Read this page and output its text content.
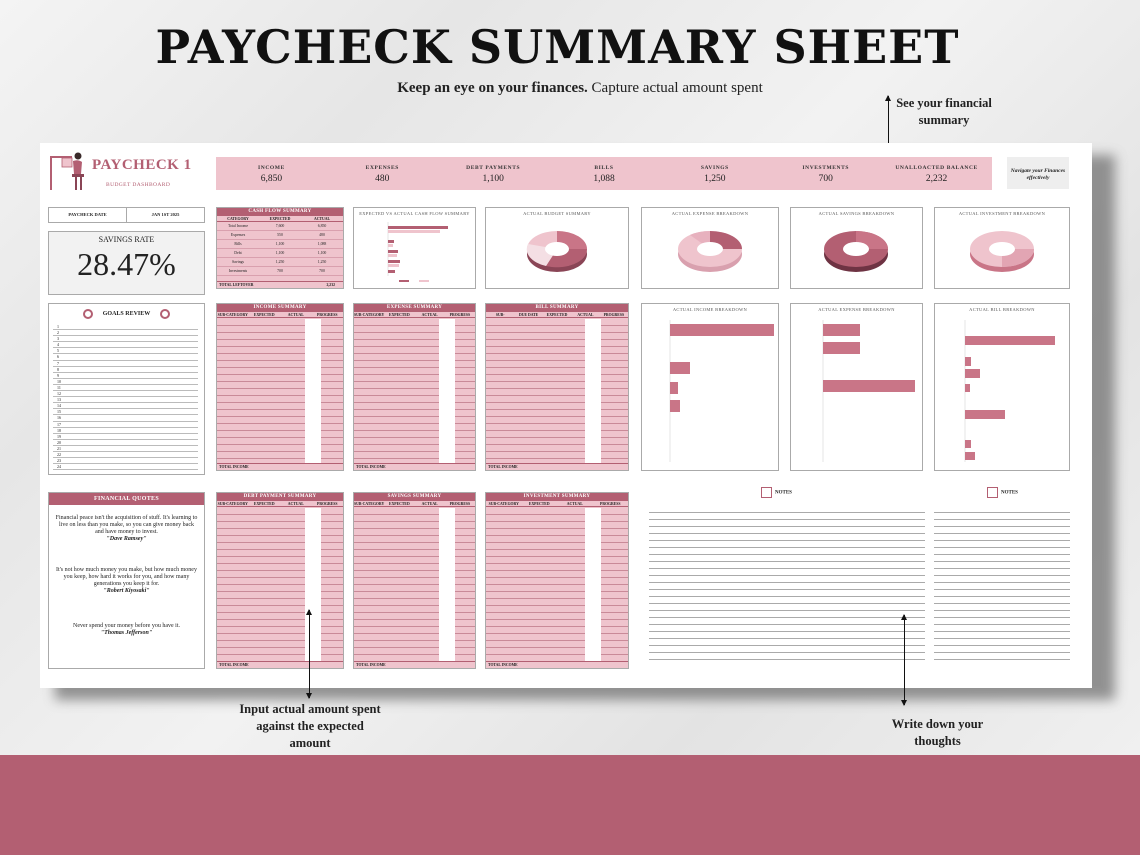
PAYCHECK SUMMARY SHEET
Keep an eye on your finances. Capture actual amount spent
See your financial summary
PAYCHECK 1
BUDGET DASHBOARD
INCOME
6,850
EXPENSES
480
DEBT PAYMENTS
1,100
BILLS
1,088
SAVINGS
1,250
INVESTMENTS
700
UNALLOACTED BALANCE
2,232
Navigate your Finances effectively
PAYCHECK DATE	JAN 1ST 2025
SAVINGS RATE
28.47%
CASH FLOW SUMMARY
CATEGORY	EXPECTED	ACTUAL
Total Income	7,600	6,850
Expenses	550	480
Bills	1,100	1,088
Debt	1,100	1,100
Savings	1,250	1,250
Investments	700	700
TOTAL LEFTOVER	2,232
EXPECTED VS ACTUAL CASH FLOW SUMMARY	ACTUAL BUDGET SUMMARY	ACTUAL EXPENSE BREAKDOWN	ACTUAL SAVINGS BREAKDOWN	ACTUAL INVESTMENT BREAKDOWN
GOALS REVIEW
1
2
3
4
5
6
7
8
9
10
11
12
13
14
15
16
17
18
19
20
21
22
23
24
INCOME SUMMARY
SUB-CATEGORY	EXPECTED	ACTUAL	PROGRESS
TOTAL INCOME
EXPENSE SUMMARY
SUB-CATEGORY	EXPECTED	ACTUAL	PROGRESS
TOTAL INCOME
BILL SUMMARY
SUB-	DUE DATE	EXPECTED	ACTUAL	PROGRESS
TOTAL INCOME
DEBT PAYMENT SUMMARY
SUB-CATEGORY	EXPECTED	ACTUAL	PROGRESS
TOTAL INCOME
SAVINGS SUMMARY
SUB-CATEGORY	EXPECTED	ACTUAL	PROGRESS
TOTAL INCOME
INVESTMENT SUMMARY
SUB-CATEGORY	EXPECTED	ACTUAL	PROGRESS
TOTAL INCOME
ACTUAL INCOME BREAKDOWN	ACTUAL EXPENSE BREAKDOWN	ACTUAL BILL BREAKDOWN
FINANCIAL QUOTES
Financial peace isn't the acquisition of stuff. It's learning to live on less than you make, so you can give money back and have money to invest.
"Dave Ramsey"
It's not how much money you make, but how much money you keep, how hard it works for you, and how many generations you keep it for.
"Robert Kiyosaki"
Never spend your money before you have it.
"Thomas Jefferson"
NOTES	NOTES
Input actual amount spent against the expected amount
Write down your thoughts
